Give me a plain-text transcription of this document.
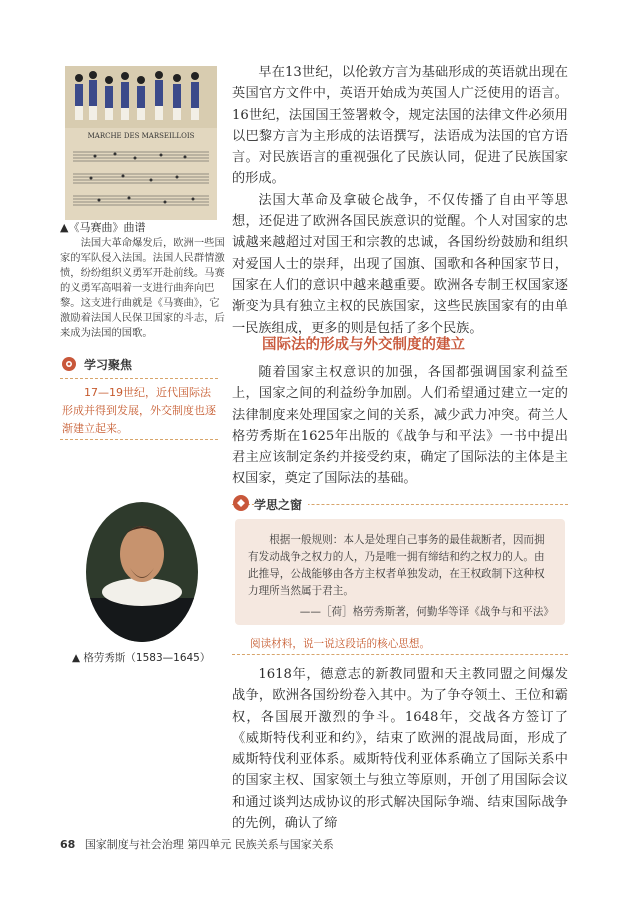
MARCHE DES MARSEILLOIS
▲《马赛曲》曲谱
法国大革命爆发后，欧洲一些国家的军队侵入法国。法国人民群情激愤，纷纷组织义勇军开赴前线。马赛的义勇军高唱着一支进行曲奔向巴黎。这支进行曲就是《马赛曲》，它激励着法国人民保卫国家的斗志，后来成为法国的国歌。
学习聚焦
17—19世纪，近代国际法形成并得到发展，外交制度也逐渐建立起来。
▲ 格劳秀斯（1583—1645）

早在13世纪，以伦敦方言为基础形成的英语就出现在英国官方文件中，英语开始成为英国人广泛使用的语言。16世纪，法国国王签署敕令，规定法国的法律文件必须用以巴黎方言为主形成的法语撰写，法语成为法国的官方语言。对民族语言的重视强化了民族认同，促进了民族国家的形成。

法国大革命及拿破仑战争，不仅传播了自由平等思想，还促进了欧洲各国民族意识的觉醒。个人对国家的忠诚越来越超过对国王和宗教的忠诚，各国纷纷鼓励和组织对爱国人士的崇拜，出现了国旗、国歌和各种国家节日，国家在人们的意识中越来越重要。欧洲各专制王权国家逐渐变为具有独立主权的民族国家，这些民族国家有的由单一民族组成，更多的则是包括了多个民族。

国际法的形成与外交制度的建立

随着国家主权意识的加强，各国都强调国家利益至上，国家之间的利益纷争加剧。人们希望通过建立一定的法律制度来处理国家之间的关系，减少武力冲突。荷兰人格劳秀斯在1625年出版的《战争与和平法》一书中提出君主应该制定条约并接受约束，确定了国际法的主体是主权国家，奠定了国际法的基础。

学思之窗
根据一般规则：本人是处理自己事务的最佳裁断者，因而拥有发动战争之权力的人，乃是唯一拥有缔结和约之权力的人。由此推导，公战能够由各方主权者单独发动，在王权政制下这种权力理所当然属于君主。
——［荷］格劳秀斯著，何勤华等译《战争与和平法》
阅读材料，说一说这段话的核心思想。

1618年，德意志的新教同盟和天主教同盟之间爆发战争，欧洲各国纷纷卷入其中。为了争夺领土、王位和霸权，各国展开激烈的争斗。1648年，交战各方签订了《威斯特伐利亚和约》，结束了欧洲的混战局面，形成了威斯特伐利亚体系。威斯特伐利亚体系确立了国际关系中的国家主权、国家领土与独立等原则，开创了用国际会议和通过谈判达成协议的形式解决国际争端、结束国际战争的先例，确认了缔

68 国家制度与社会治理 第四单元 民族关系与国家关系
